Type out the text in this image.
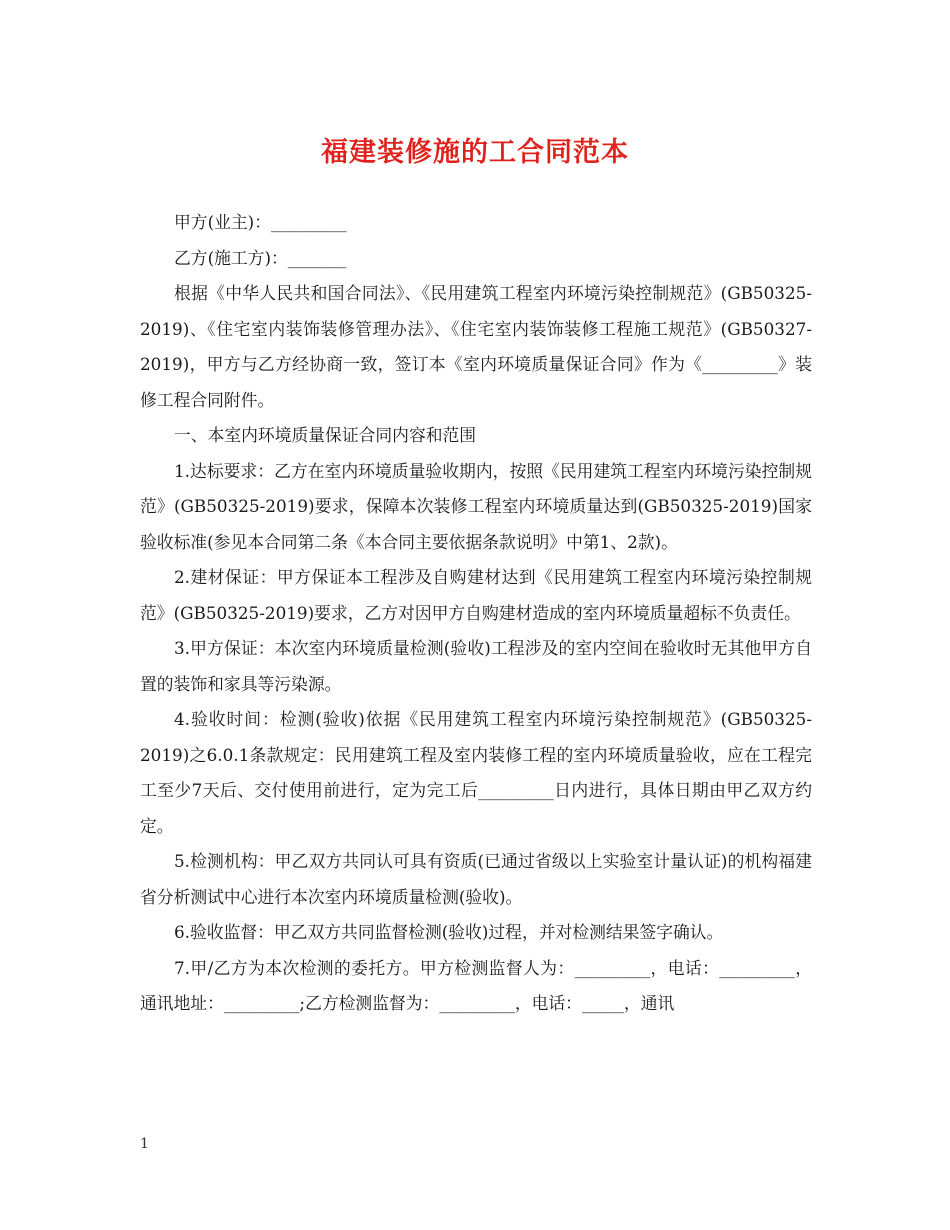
福建装修施的工合同范本

甲方(业主)：_________

乙方(施工方)：_______

根据《中华人民共和国合同法》、《民用建筑工程室内环境污染控制规范》(GB50325-2019)、《住宅室内装饰装修管理办法》、《住宅室内装饰装修工程施工规范》(GB50327-2019)，甲方与乙方经协商一致，签订本《室内环境质量保证合同》作为《_________》装修工程合同附件。

一、本室内环境质量保证合同内容和范围

1.达标要求：乙方在室内环境质量验收期内，按照《民用建筑工程室内环境污染控制规范》(GB50325-2019)要求，保障本次装修工程室内环境质量达到(GB50325-2019)国家验收标准(参见本合同第二条《本合同主要依据条款说明》中第1、2款)。

2.建材保证：甲方保证本工程涉及自购建材达到《民用建筑工程室内环境污染控制规范》(GB50325-2019)要求，乙方对因甲方自购建材造成的室内环境质量超标不负责任。

3.甲方保证：本次室内环境质量检测(验收)工程涉及的室内空间在验收时无其他甲方自置的装饰和家具等污染源。

4.验收时间：检测(验收)依据《民用建筑工程室内环境污染控制规范》(GB50325-2019)之6.0.1条款规定：民用建筑工程及室内装修工程的室内环境质量验收，应在工程完工至少7天后、交付使用前进行，定为完工后_________日内进行，具体日期由甲乙双方约定。

5.检测机构：甲乙双方共同认可具有资质(已通过省级以上实验室计量认证)的机构福建省分析测试中心进行本次室内环境质量检测(验收)。

6.验收监督：甲乙双方共同监督检测(验收)过程，并对检测结果签字确认。

7.甲/乙方为本次检测的委托方。甲方检测监督人为：_________，电话：_________，通讯地址：_________;乙方检测监督为：_________，电话：_____，通讯

1
